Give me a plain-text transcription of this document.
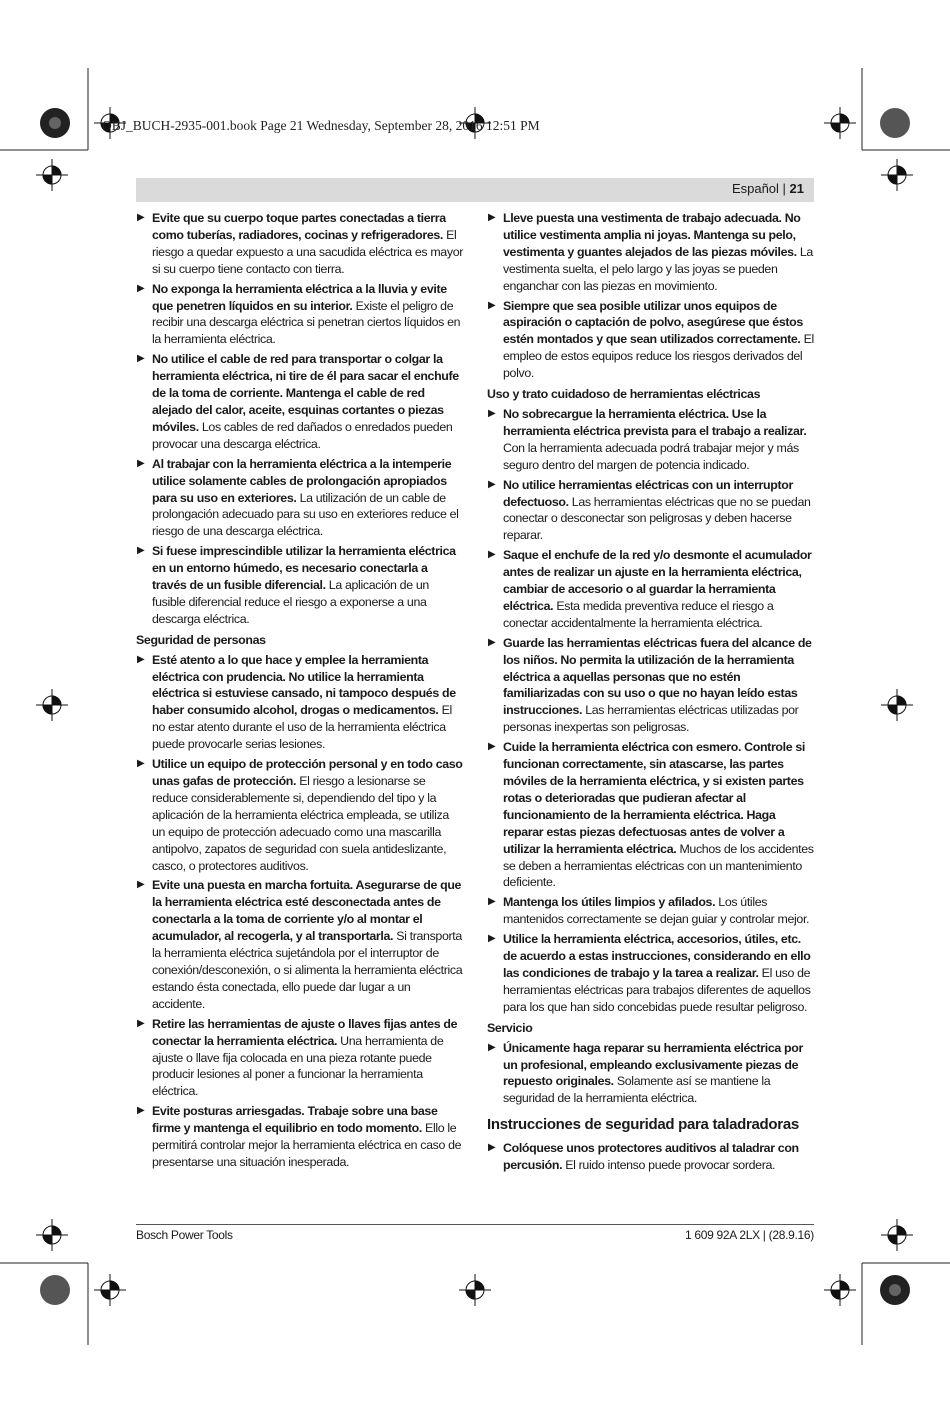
OBJ_BUCH-2935-001.book Page 21 Wednesday, September 28, 2016 12:51 PM
Español | 21
▶ Evite que su cuerpo toque partes conectadas a tierra como tuberías, radiadores, cocinas y refrigeradores. El riesgo a quedar expuesto a una sacudida eléctrica es mayor si su cuerpo tiene contacto con tierra.
▶ No exponga la herramienta eléctrica a la lluvia y evite que penetren líquidos en su interior. Existe el peligro de recibir una descarga eléctrica si penetran ciertos líquidos en la herramienta eléctrica.
▶ No utilice el cable de red para transportar o colgar la herramienta eléctrica, ni tire de él para sacar el enchufe de la toma de corriente. Mantenga el cable de red alejado del calor, aceite, esquinas cortantes o piezas móviles. Los cables de red dañados o enredados pueden provocar una descarga eléctrica.
▶ Al trabajar con la herramienta eléctrica a la intemperie utilice solamente cables de prolongación apropiados para su uso en exteriores. La utilización de un cable de prolongación adecuado para su uso en exteriores reduce el riesgo de una descarga eléctrica.
▶ Si fuese imprescindible utilizar la herramienta eléctrica en un entorno húmedo, es necesario conectarla a través de un fusible diferencial. La aplicación de un fusible diferencial reduce el riesgo a exponerse a una descarga eléctrica.
Seguridad de personas
▶ Esté atento a lo que hace y emplee la herramienta eléctrica con prudencia. No utilice la herramienta eléctrica si estuviese cansado, ni tampoco después de haber consumido alcohol, drogas o medicamentos. El no estar atento durante el uso de la herramienta eléctrica puede provocarle serias lesiones.
▶ Utilice un equipo de protección personal y en todo caso unas gafas de protección. El riesgo a lesionarse se reduce considerablemente si, dependiendo del tipo y la aplicación de la herramienta eléctrica empleada, se utiliza un equipo de protección adecuado como una mascarilla antipolvo, zapatos de seguridad con suela antideslizante, casco, o protectores auditivos.
▶ Evite una puesta en marcha fortuita. Asegurarse de que la herramienta eléctrica esté desconectada antes de conectarla a la toma de corriente y/o al montar el acumulador, al recogerla, y al transportarla. Si transporta la herramienta eléctrica sujetándola por el interruptor de conexión/desconexión, o si alimenta la herramienta eléctrica estando ésta conectada, ello puede dar lugar a un accidente.
▶ Retire las herramientas de ajuste o llaves fijas antes de conectar la herramienta eléctrica. Una herramienta de ajuste o llave fija colocada en una pieza rotante puede producir lesiones al poner a funcionar la herramienta eléctrica.
▶ Evite posturas arriesgadas. Trabaje sobre una base firme y mantenga el equilibrio en todo momento. Ello le permitirá controlar mejor la herramienta eléctrica en caso de presentarse una situación inesperada.
▶ Lleve puesta una vestimenta de trabajo adecuada. No utilice vestimenta amplia ni joyas. Mantenga su pelo, vestimenta y guantes alejados de las piezas móviles. La vestimenta suelta, el pelo largo y las joyas se pueden enganchar con las piezas en movimiento.
▶ Siempre que sea posible utilizar unos equipos de aspiración o captación de polvo, asegúrese que éstos estén montados y que sean utilizados correctamente. El empleo de estos equipos reduce los riesgos derivados del polvo.
Uso y trato cuidadoso de herramientas eléctricas
▶ No sobrecargue la herramienta eléctrica. Use la herramienta eléctrica prevista para el trabajo a realizar. Con la herramienta adecuada podrá trabajar mejor y más seguro dentro del margen de potencia indicado.
▶ No utilice herramientas eléctricas con un interruptor defectuoso. Las herramientas eléctricas que no se puedan conectar o desconectar son peligrosas y deben hacerse reparar.
▶ Saque el enchufe de la red y/o desmonte el acumulador antes de realizar un ajuste en la herramienta eléctrica, cambiar de accesorio o al guardar la herramienta eléctrica. Esta medida preventiva reduce el riesgo a conectar accidentalmente la herramienta eléctrica.
▶ Guarde las herramientas eléctricas fuera del alcance de los niños. No permita la utilización de la herramienta eléctrica a aquellas personas que no estén familiarizadas con su uso o que no hayan leído estas instrucciones. Las herramientas eléctricas utilizadas por personas inexpertas son peligrosas.
▶ Cuide la herramienta eléctrica con esmero. Controle si funcionan correctamente, sin atascarse, las partes móviles de la herramienta eléctrica, y si existen partes rotas o deterioradas que pudieran afectar al funcionamiento de la herramienta eléctrica. Haga reparar estas piezas defectuosas antes de volver a utilizar la herramienta eléctrica. Muchos de los accidentes se deben a herramientas eléctricas con un mantenimiento deficiente.
▶ Mantenga los útiles limpios y afilados. Los útiles mantenidos correctamente se dejan guiar y controlar mejor.
▶ Utilice la herramienta eléctrica, accesorios, útiles, etc. de acuerdo a estas instrucciones, considerando en ello las condiciones de trabajo y la tarea a realizar. El uso de herramientas eléctricas para trabajos diferentes de aquellos para los que han sido concebidas puede resultar peligroso.
Servicio
▶ Únicamente haga reparar su herramienta eléctrica por un profesional, empleando exclusivamente piezas de repuesto originales. Solamente así se mantiene la seguridad de la herramienta eléctrica.
Instrucciones de seguridad para taladradoras
▶ Colóquese unos protectores auditivos al taladrar con percusión. El ruido intenso puede provocar sordera.
Bosch Power Tools	1 609 92A 2LX | (28.9.16)
